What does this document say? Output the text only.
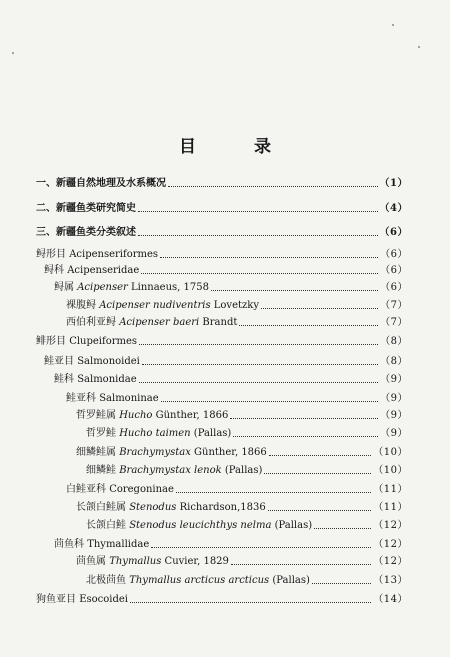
目 录
一、新疆自然地理及水系概况	（1）
二、新疆鱼类研究简史	（4）
三、新疆鱼类分类叙述	（6）
鲟形目 Acipenseriformes	（6）
鲟科 Acipenseridae	（6）
鲟属 Acipenser Linnaeus, 1758	（6）
裸腹鲟 Acipenser nudiventris Lovetzky	（7）
西伯利亚鲟 Acipenser baeri Brandt	（7）
鲱形目 Clupeiformes	（8）
鲑亚目 Salmonoidei	（8）
鲑科 Salmonidae	（9）
鲑亚科 Salmoninae	（9）
哲罗鲑属 Hucho Günther, 1866	（9）
哲罗鲑 Hucho taimen (Pallas)	（9）
细鳞鲑属 Brachymystax Günther, 1866	（10）
细鳞鲑 Brachymystax lenok (Pallas)	（10）
白鲑亚科 Coregoninae	（11）
长颌白鲑属 Stenodus Richardson,1836	（11）
长颌白鲑 Stenodus leucichthys nelma (Pallas)	（12）
茴鱼科 Thymallidae	（12）
茴鱼属 Thymallus Cuvier, 1829	（12）
北极茴鱼 Thymallus arcticus arcticus (Pallas)	（13）
狗鱼亚目 Esocoidei	（14）
